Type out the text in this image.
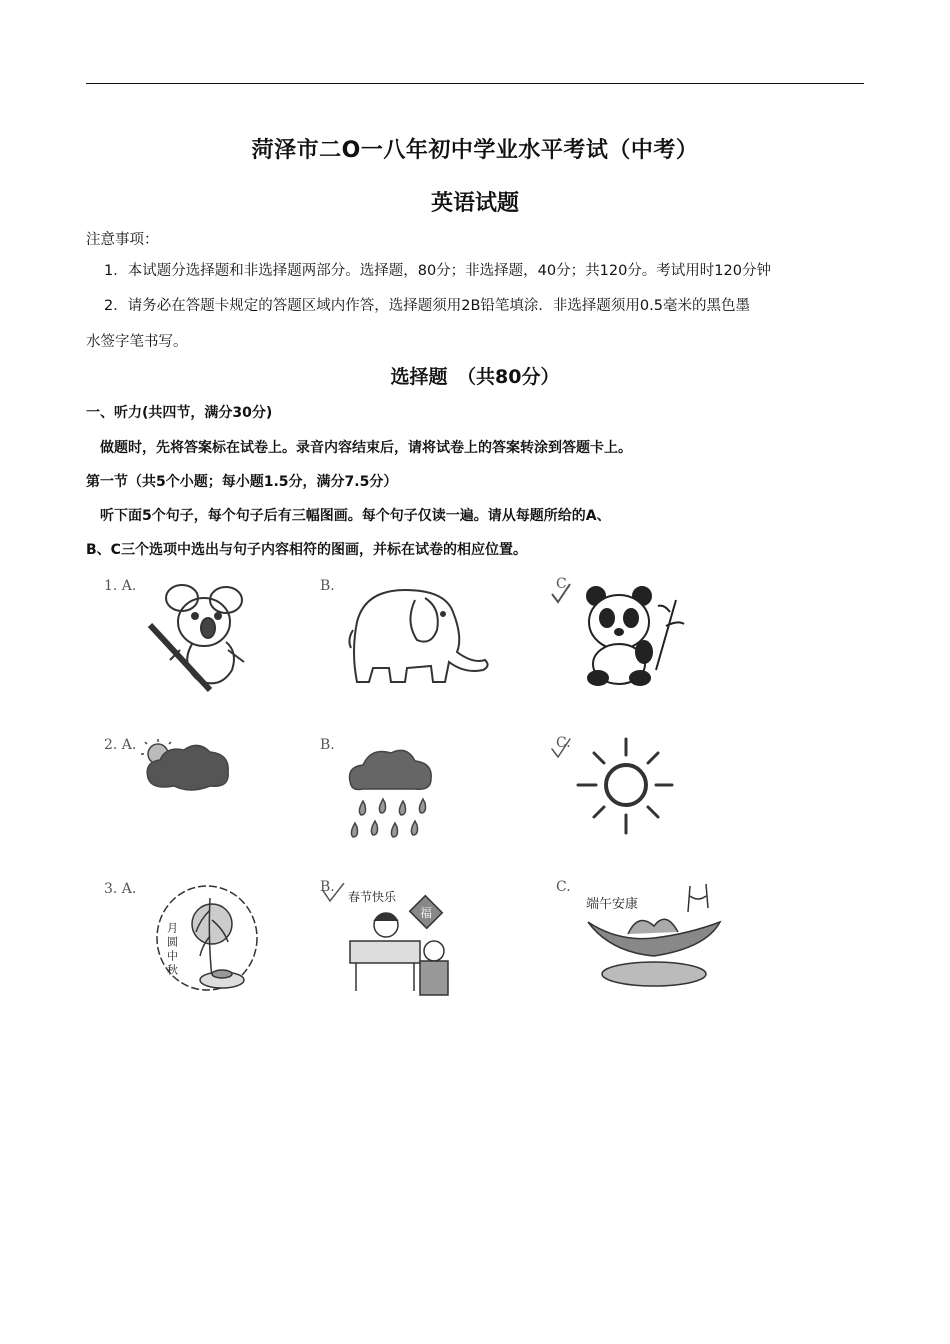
菏泽市二O一八年初中学业水平考试（中考）
英语试题
注意事项：
1．本试题分选择题和非选择题两部分。选择题，80分；非选择题，40分；共120分。考试用时120分钟
2．请务必在答题卡规定的答题区域内作答，选择题须用2B铅笔填涂．非选择题须用0.5毫米的黑色墨
水签字笔书写。
选择题　（共80分）
一、听力(共四节，满分30分)
做题时，先将答案标在试卷上。录音内容结束后，请将试卷上的答案转涂到答题卡上。
第一节（共5个小题；每小题1.5分，满分7.5分）
听下面5个句子，每个句子后有三幅图画。每个句子仅读一遍。请从每题所给的A、
B、C三个选项中选出与句子内容相符的图画，并标在试卷的相应位置。
1. A.	B.	C.
2. A.	B.	C.
3. A.	B.	C.
月圆中秋
春节快乐
福
端午安康
